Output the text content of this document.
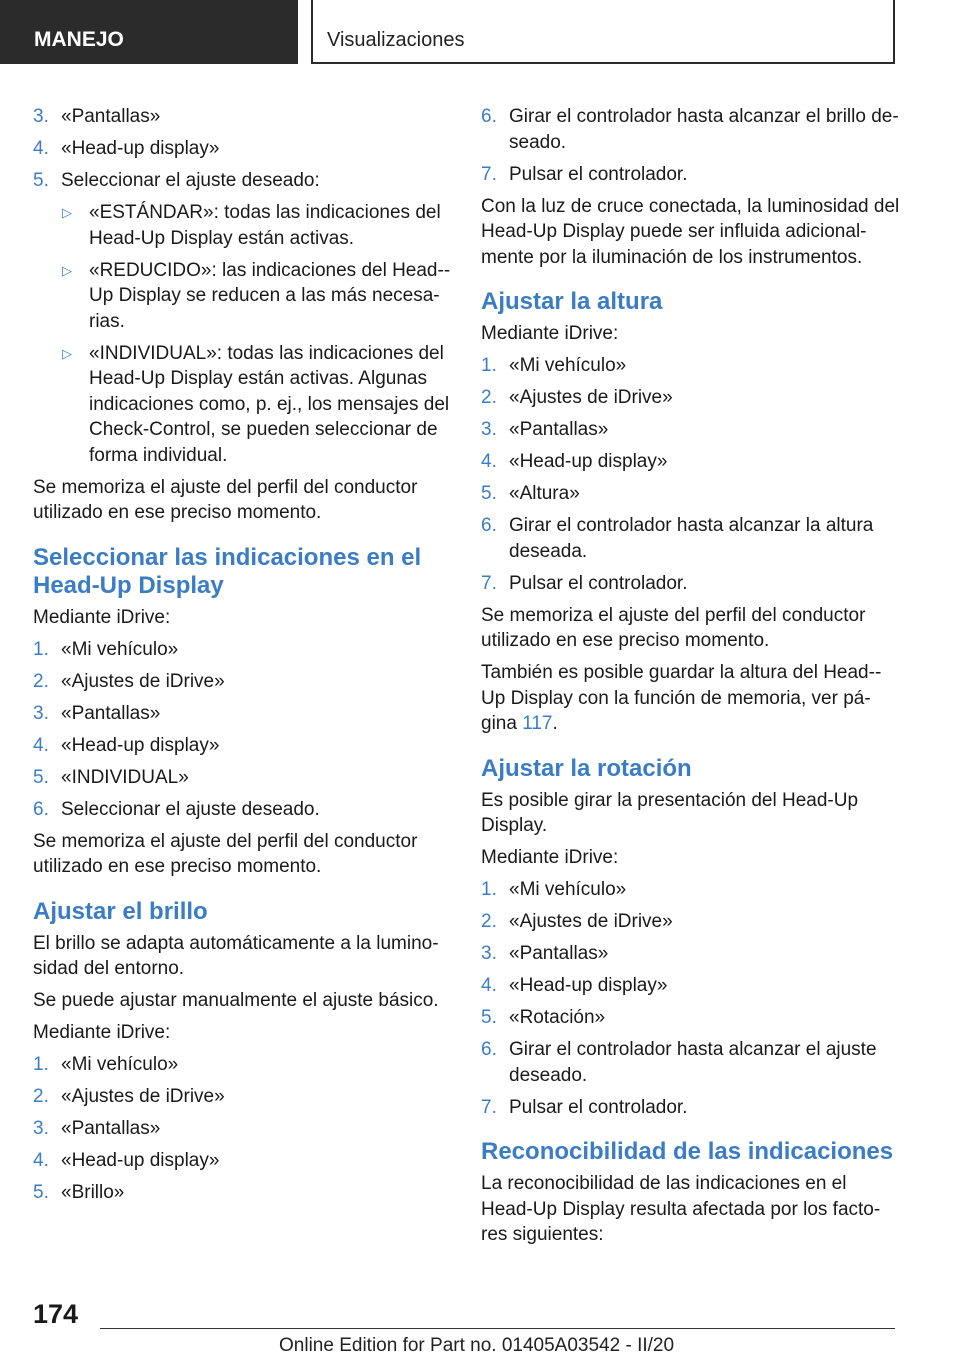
MANEJO	Visualizaciones
3. «Pantallas»
4. «Head-up display»
5. Seleccionar el ajuste deseado:
▷ «ESTÁNDAR»: todas las indicaciones del Head-Up Display están activas.
▷ «REDUCIDO»: las indicaciones del Head--Up Display se reducen a las más necesa-rias.
▷ «INDIVIDUAL»: todas las indicaciones del Head-Up Display están activas. Algunas indicaciones como, p. ej., los mensajes del Check-Control, se pueden seleccionar de forma individual.

Se memoriza el ajuste del perfil del conductor utilizado en ese preciso momento.

Seleccionar las indicaciones en el Head-Up Display

Mediante iDrive:

1. «Mi vehículo»
2. «Ajustes de iDrive»
3. «Pantallas»
4. «Head-up display»
5. «INDIVIDUAL»
6. Seleccionar el ajuste deseado.

Se memoriza el ajuste del perfil del conductor utilizado en ese preciso momento.

Ajustar el brillo

El brillo se adapta automáticamente a la lumino-sidad del entorno.

Se puede ajustar manualmente el ajuste básico.

Mediante iDrive:

1. «Mi vehículo»
2. «Ajustes de iDrive»
3. «Pantallas»
4. «Head-up display»
5. «Brillo»
6. Girar el controlador hasta alcanzar el brillo de-seado.
7. Pulsar el controlador.

Con la luz de cruce conectada, la luminosidad del Head-Up Display puede ser influida adicional-mente por la iluminación de los instrumentos.

Ajustar la altura

Mediante iDrive:

1. «Mi vehículo»
2. «Ajustes de iDrive»
3. «Pantallas»
4. «Head-up display»
5. «Altura»
6. Girar el controlador hasta alcanzar la altura deseada.
7. Pulsar el controlador.

Se memoriza el ajuste del perfil del conductor utilizado en ese preciso momento.

También es posible guardar la altura del Head--Up Display con la función de memoria, ver pá-gina 117.

Ajustar la rotación

Es posible girar la presentación del Head-Up Display.

Mediante iDrive:

1. «Mi vehículo»
2. «Ajustes de iDrive»
3. «Pantallas»
4. «Head-up display»
5. «Rotación»
6. Girar el controlador hasta alcanzar el ajuste deseado.
7. Pulsar el controlador.
Reconocibilidad de las indicaciones

La reconocibilidad de las indicaciones en el Head-Up Display resulta afectada por los facto-res siguientes:

174
Online Edition for Part no. 01405A03542 - II/20
